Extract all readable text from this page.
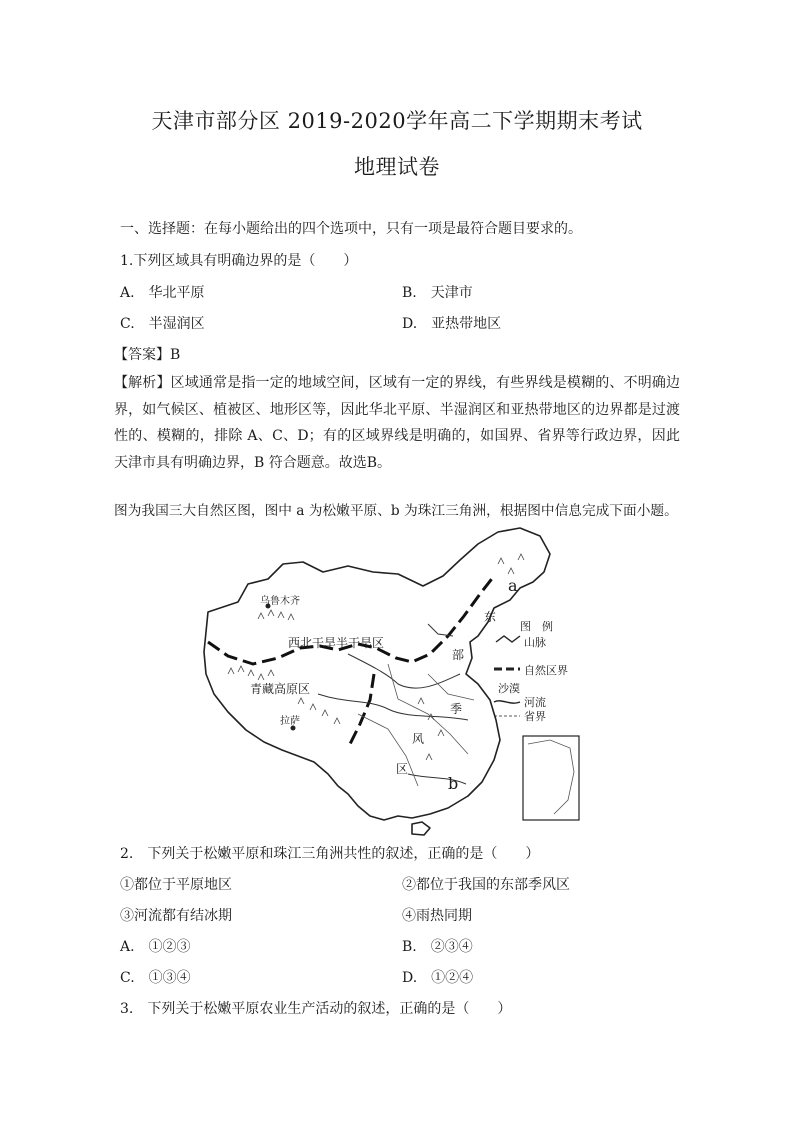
天津市部分区 2019-2020学年高二下学期期末考试
地理试卷
一、选择题：在每小题给出的四个选项中，只有一项是最符合题目要求的。
1.下列区域具有明确边界的是（　　）
A.　华北平原	B.　天津市
C.　半湿润区	D.　亚热带地区
【答案】B
【解析】区域通常是指一定的地域空间，区域有一定的界线，有些界线是模糊的、不明确边界，如气候区、植被区、地形区等，因此华北平原、半湿润区和亚热带地区的边界都是过渡性的、模糊的，排除 A、C、D；有的区域界线是明确的，如国界、省界等行政边界，因此天津市具有明确边界，B 符合题意。故选B。
图为我国三大自然区图，图中 a 为松嫩平原、b 为珠江三角洲，根据图中信息完成下面小题。
乌鲁木齐
西北干旱半干旱区
青藏高原区
拉萨
东
部
季
风
区
a
b
图　例
山脉
自然区界
沙漠
河流
省界
2.　下列关于松嫩平原和珠江三角洲共性的叙述，正确的是（　　）
①都位于平原地区	②都位于我国的东部季风区
③河流都有结冰期	④雨热同期
A.　①②③	B.　②③④
C.　①③④	D.　①②④
3.　下列关于松嫩平原农业生产活动的叙述，正确的是（　　）
